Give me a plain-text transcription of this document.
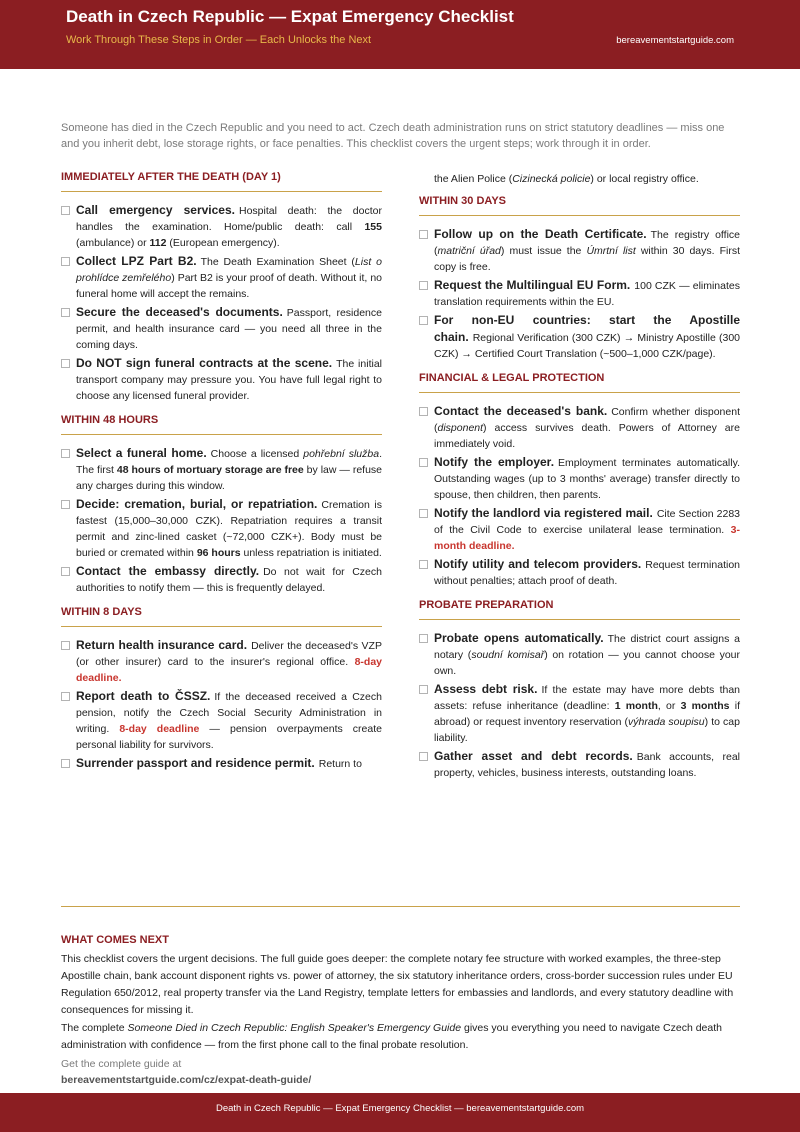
Death in Czech Republic — Expat Emergency Checklist
Work Through These Steps in Order — Each Unlocks the Next	bereavementstartguide.com
Someone has died in the Czech Republic and you need to act. Czech death administration runs on strict statutory deadlines — miss one and you inherit debt, lose storage rights, or face penalties. This checklist covers the urgent steps; work through it in order.
IMMEDIATELY AFTER THE DEATH (DAY 1)
Call emergency services. Hospital death: the doctor handles the examination. Home/public death: call 155 (ambulance) or 112 (European emergency).
Collect LPZ Part B2. The Death Examination Sheet (List o prohlídce zemřelého) Part B2 is your proof of death. Without it, no funeral home will accept the remains.
Secure the deceased's documents. Passport, residence permit, and health insurance card — you need all three in the coming days.
Do NOT sign funeral contracts at the scene. The initial transport company may pressure you. You have full legal right to choose any licensed funeral provider.
WITHIN 48 HOURS
Select a funeral home. Choose a licensed pohřební služba. The first 48 hours of mortuary storage are free by law — refuse any charges during this window.
Decide: cremation, burial, or repatriation. Cremation is fastest (15,000–30,000 CZK). Repatriation requires a transit permit and zinc-lined casket (~72,000 CZK+). Body must be buried or cremated within 96 hours unless repatriation is initiated.
Contact the embassy directly. Do not wait for Czech authorities to notify them — this is frequently delayed.
WITHIN 8 DAYS
Return health insurance card. Deliver the deceased's VZP (or other insurer) card to the insurer's regional office. 8-day deadline.
Report death to ČSSZ. If the deceased received a Czech pension, notify the Czech Social Security Administration in writing. 8-day deadline — pension overpayments create personal liability for survivors.
Surrender passport and residence permit. Return to
the Alien Police (Cizinecká policie) or local registry office.
WITHIN 30 DAYS
Follow up on the Death Certificate. The registry office (matriční úřad) must issue the Úmrtní list within 30 days. First copy is free.
Request the Multilingual EU Form. 100 CZK — eliminates translation requirements within the EU.
For non-EU countries: start the Apostille chain. Regional Verification (300 CZK) → Ministry Apostille (300 CZK) → Certified Court Translation (~500–1,000 CZK/page).
FINANCIAL & LEGAL PROTECTION
Contact the deceased's bank. Confirm whether disponent (disponent) access survives death. Powers of Attorney are immediately void.
Notify the employer. Employment terminates automatically. Outstanding wages (up to 3 months' average) transfer directly to spouse, then children, then parents.
Notify the landlord via registered mail. Cite Section 2283 of the Civil Code to exercise unilateral lease termination. 3-month deadline.
Notify utility and telecom providers. Request termination without penalties; attach proof of death.
PROBATE PREPARATION
Probate opens automatically. The district court assigns a notary (soudní komisař) on rotation — you cannot choose your own.
Assess debt risk. If the estate may have more debts than assets: refuse inheritance (deadline: 1 month, or 3 months if abroad) or request inventory reservation (výhrada soupisu) to cap liability.
Gather asset and debt records. Bank accounts, real property, vehicles, business interests, outstanding loans.
WHAT COMES NEXT
This checklist covers the urgent decisions. The full guide goes deeper: the complete notary fee structure with worked examples, the three-step Apostille chain, bank account disponent rights vs. power of attorney, the six statutory inheritance orders, cross-border succession rules under EU Regulation 650/2012, real property transfer via the Land Registry, template letters for embassies and landlords, and every statutory deadline with consequences for missing it.
The complete Someone Died in Czech Republic: English Speaker's Emergency Guide gives you everything you need to navigate Czech death administration with confidence — from the first phone call to the final probate resolution.
Get the complete guide at
bereavementstartguide.com/cz/expat-death-guide/
Death in Czech Republic — Expat Emergency Checklist — bereavementstartguide.com
